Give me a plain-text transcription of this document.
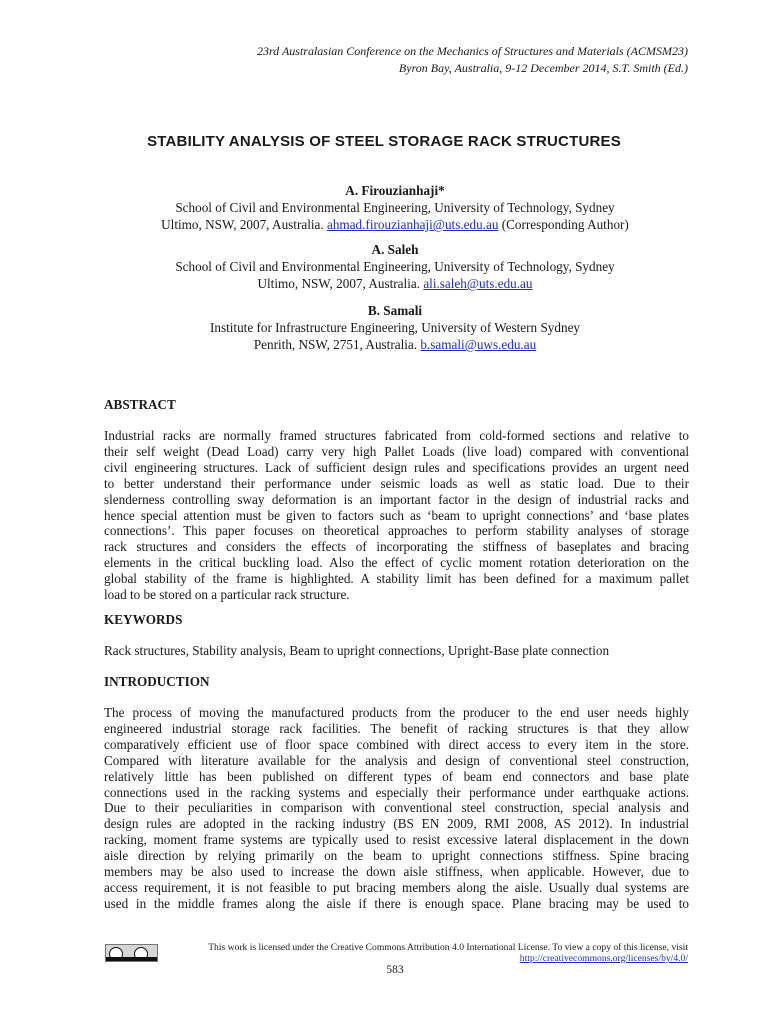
23rd Australasian Conference on the Mechanics of Structures and Materials (ACMSM23)
Byron Bay, Australia, 9-12 December 2014, S.T. Smith (Ed.)
STABILITY ANALYSIS OF STEEL STORAGE RACK STRUCTURES
A. Firouzianhaji*
School of Civil and Environmental Engineering, University of Technology, Sydney
Ultimo, NSW, 2007, Australia. ahmad.firouzianhaji@uts.edu.au (Corresponding Author)
A. Saleh
School of Civil and Environmental Engineering, University of Technology, Sydney
Ultimo, NSW, 2007, Australia. ali.saleh@uts.edu.au
B. Samali
Institute for Infrastructure Engineering, University of Western Sydney
Penrith, NSW, 2751, Australia. b.samali@uws.edu.au
ABSTRACT
Industrial racks are normally framed structures fabricated from cold-formed sections and relative to
their self weight (Dead Load) carry very high Pallet Loads (live load) compared with conventional
civil engineering structures. Lack of sufficient design rules and specifications provides an urgent need
to better understand their performance under seismic loads as well as static load. Due to their
slenderness controlling sway deformation is an important factor in the design of industrial racks and
hence special attention must be given to factors such as ‘beam to upright connections’ and ‘base plates
connections’. This paper focuses on theoretical approaches to perform stability analyses of storage
rack structures and considers the effects of incorporating the stiffness of baseplates and bracing
elements in the critical buckling load. Also the effect of cyclic moment rotation deterioration on the
global stability of the frame is highlighted. A stability limit has been defined for a maximum pallet
load to be stored on a particular rack structure.
KEYWORDS
Rack structures, Stability analysis, Beam to upright connections, Upright-Base plate connection
INTRODUCTION
The process of moving the manufactured products from the producer to the end user needs highly
engineered industrial storage rack facilities. The benefit of racking structures is that they allow
comparatively efficient use of floor space combined with direct access to every item in the store.
Compared with literature available for the analysis and design of conventional steel construction,
relatively little has been published on different types of beam end connectors and base plate
connections used in the racking systems and especially their performance under earthquake actions.
Due to their peculiarities in comparison with conventional steel construction, special analysis and
design rules are adopted in the racking industry (BS EN 2009, RMI 2008, AS 2012). In industrial
racking, moment frame systems are typically used to resist excessive lateral displacement in the down
aisle direction by relying primarily on the beam to upright connections stiffness. Spine bracing
members may be also used to increase the down aisle stiffness, when applicable. However, due to
access requirement, it is not feasible to put bracing members along the aisle. Usually dual systems are
used in the middle frames along the aisle if there is enough space. Plane bracing may be used to
This work is licensed under the Creative Commons Attribution 4.0 International License. To view a copy of this license, visit
http://creativecommons.org/licenses/by/4.0/
583
